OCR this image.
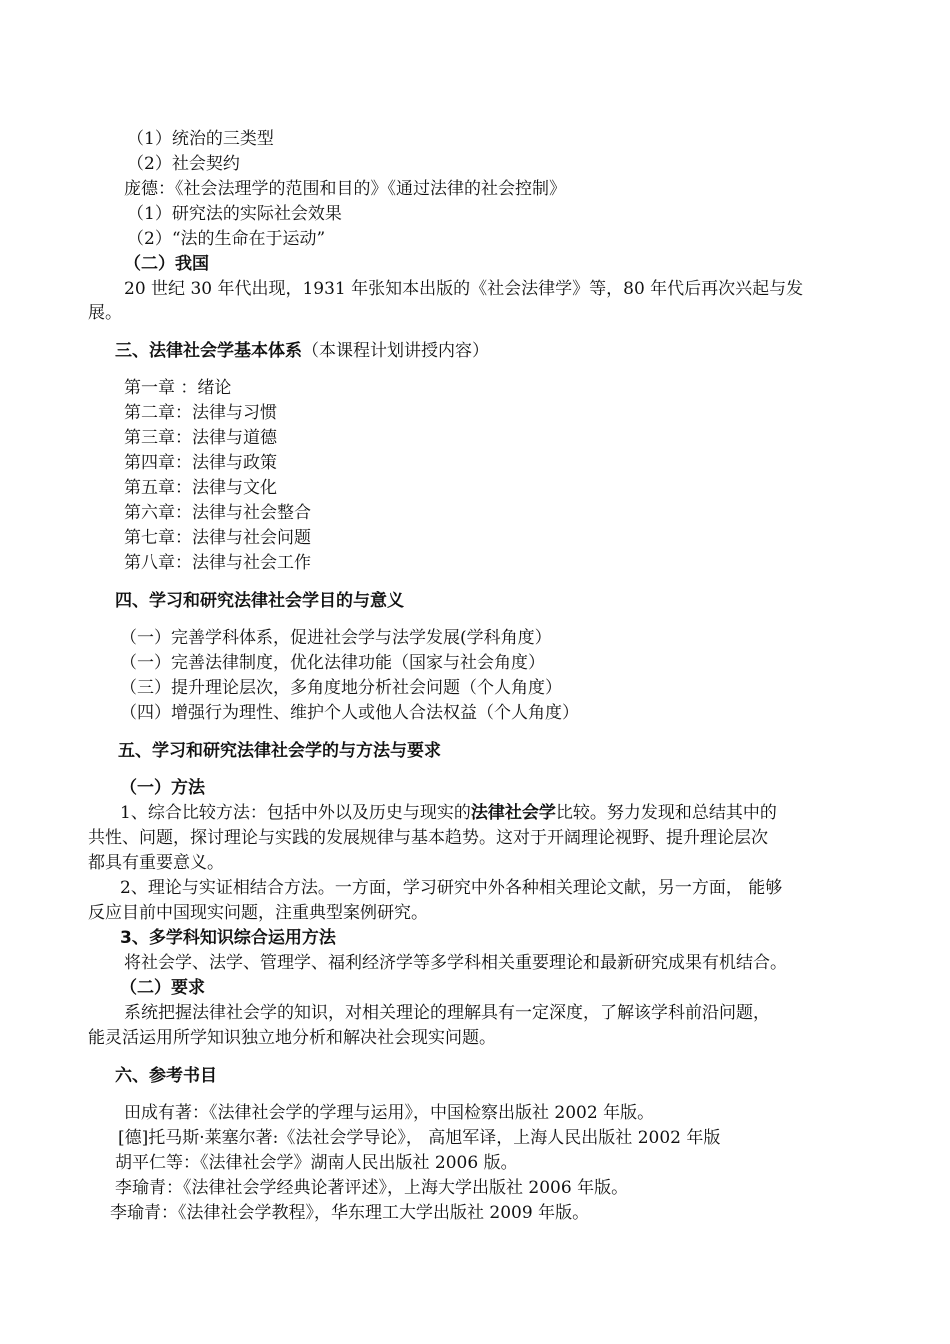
（1）统治的三类型
（2）社会契约
庞德：《社会法理学的范围和目的》《通过法律的社会控制》
（1）研究法的实际社会效果
（2）“法的生命在于运动”
（二）我国
20 世纪 30 年代出现，1931 年张知本出版的《社会法律学》等，80 年代后再次兴起与发
展。
三、法律社会学基本体系（本课程计划讲授内容）
第一章 ：绪论
第二章：法律与习惯
第三章：法律与道德
第四章：法律与政策
第五章：法律与文化
第六章：法律与社会整合
第七章：法律与社会问题
第八章：法律与社会工作
四、学习和研究法律社会学目的与意义
（一）完善学科体系，促进社会学与法学发展(学科角度）
（一）完善法律制度，优化法律功能（国家与社会角度）
（三）提升理论层次，多角度地分析社会问题（个人角度）
（四）增强行为理性、维护个人或他人合法权益（个人角度）
五、学习和研究法律社会学的与方法与要求
（一）方法
1、综合比较方法：包括中外以及历史与现实的法律社会学比较。努力发现和总结其中的
共性、问题，探讨理论与实践的发展规律与基本趋势。这对于开阔理论视野、提升理论层次
都具有重要意义。
2、理论与实证相结合方法。一方面，学习研究中外各种相关理论文献，另一方面， 能够
反应目前中国现实问题，注重典型案例研究。
3、多学科知识综合运用方法
将社会学、法学、管理学、福利经济学等多学科相关重要理论和最新研究成果有机结合。
（二）要求
系统把握法律社会学的知识，对相关理论的理解具有一定深度，了解该学科前沿问题，
能灵活运用所学知识独立地分析和解决社会现实问题。
六、参考书目
田成有著：《法律社会学的学理与运用》，中国检察出版社 2002 年版。
[德]托马斯·莱塞尔著:《法社会学导论》， 高旭军译，上海人民出版社 2002 年版
胡平仁等：《法律社会学》湖南人民出版社 2006 版。
李瑜青：《法律社会学经典论著评述》，上海大学出版社 2006 年版。
李瑜青：《法律社会学教程》，华东理工大学出版社 2009 年版。
